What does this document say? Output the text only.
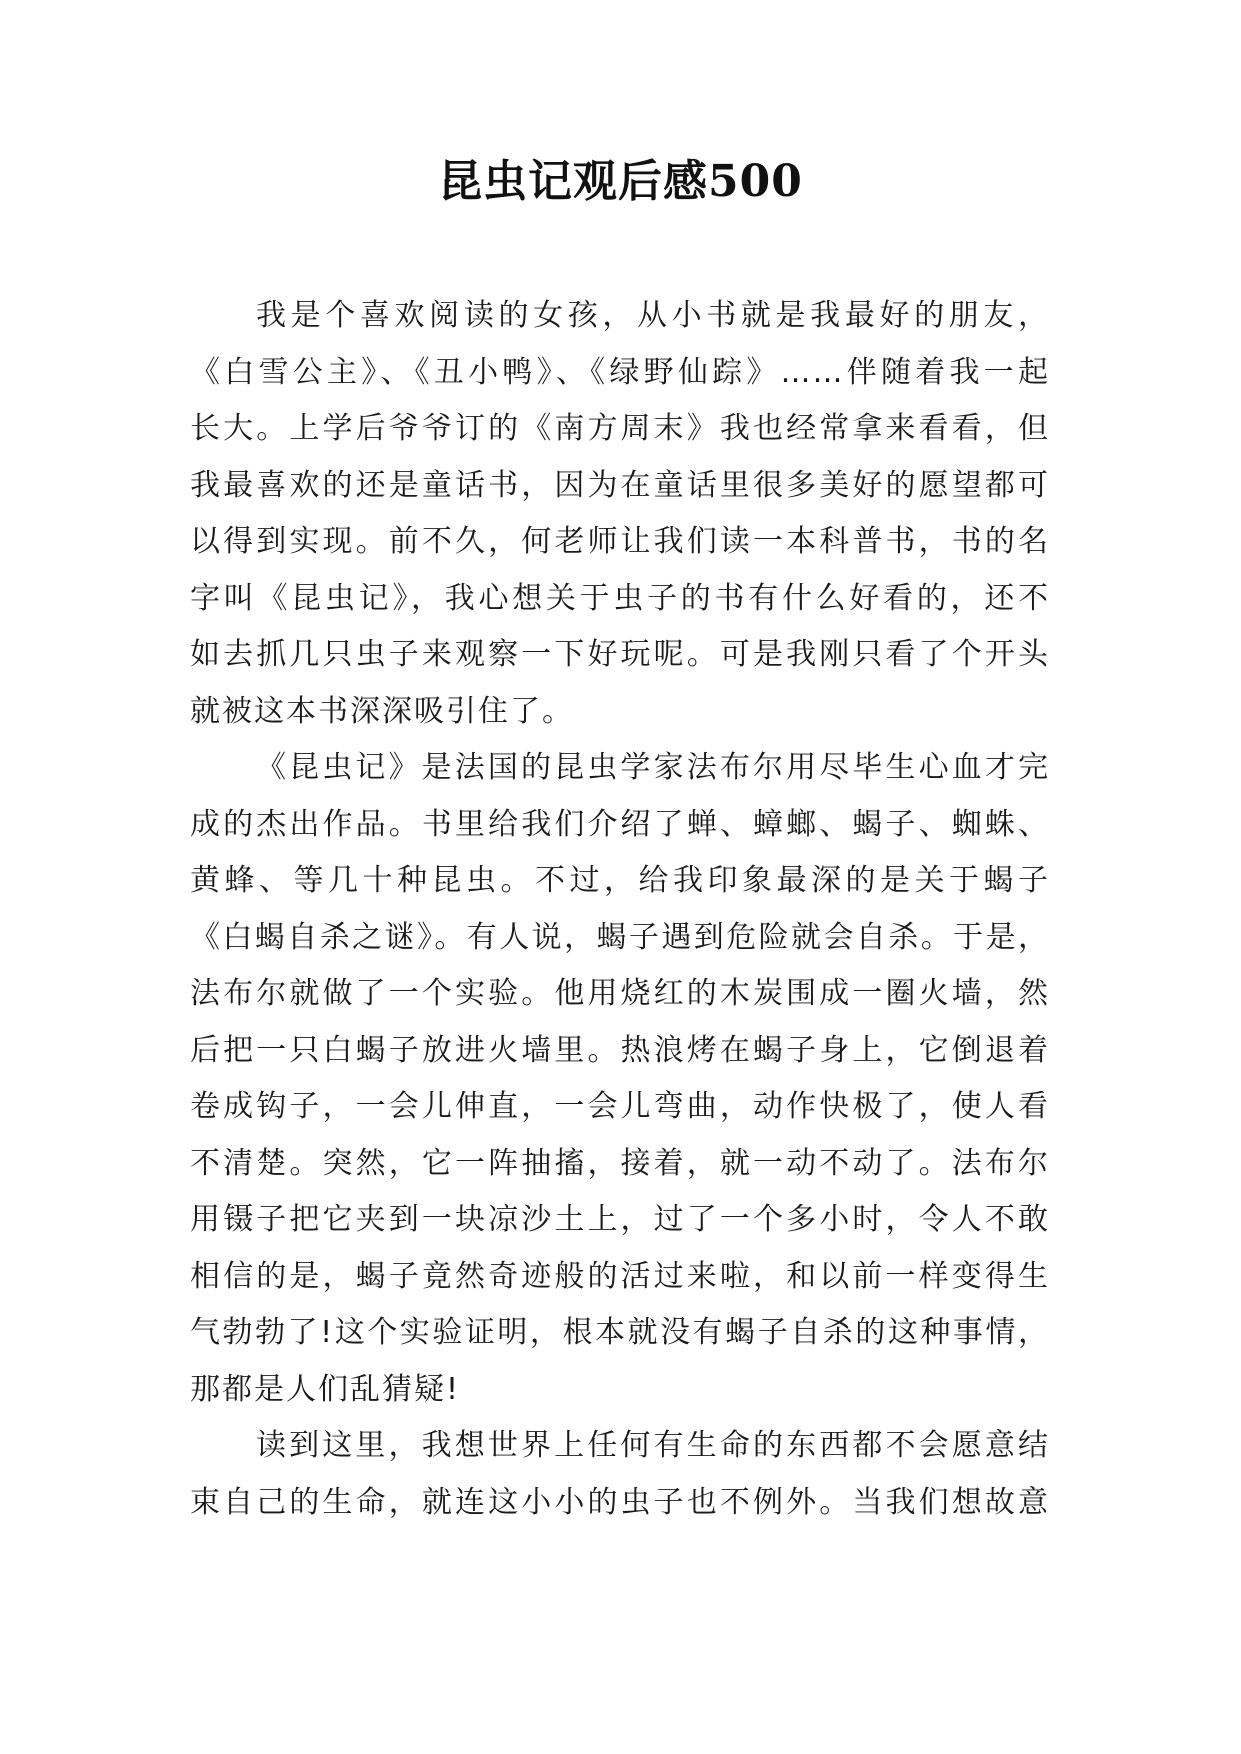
昆虫记观后感500

我是个喜欢阅读的女孩，从小书就是我最好的朋友，
《白雪公主》、《丑小鸭》、《绿野仙踪》……伴随着我一起
长大。上学后爷爷订的《南方周末》我也经常拿来看看，但
我最喜欢的还是童话书，因为在童话里很多美好的愿望都可
以得到实现。前不久，何老师让我们读一本科普书，书的名
字叫《昆虫记》，我心想关于虫子的书有什么好看的，还不
如去抓几只虫子来观察一下好玩呢。可是我刚只看了个开头
就被这本书深深吸引住了。

《昆虫记》是法国的昆虫学家法布尔用尽毕生心血才完
成的杰出作品。书里给我们介绍了蝉、蟑螂、蝎子、蜘蛛、
黄蜂、等几十种昆虫。不过，给我印象最深的是关于蝎子
《白蝎自杀之谜》。有人说，蝎子遇到危险就会自杀。于是，
法布尔就做了一个实验。他用烧红的木炭围成一圈火墙，然
后把一只白蝎子放进火墙里。热浪烤在蝎子身上，它倒退着
卷成钩子，一会儿伸直，一会儿弯曲，动作快极了，使人看
不清楚。突然，它一阵抽搐，接着，就一动不动了。法布尔
用镊子把它夹到一块凉沙土上，过了一个多小时，令人不敢
相信的是，蝎子竟然奇迹般的活过来啦，和以前一样变得生
气勃勃了!这个实验证明，根本就没有蝎子自杀的这种事情，
那都是人们乱猜疑!

读到这里，我想世界上任何有生命的东西都不会愿意结
束自己的生命，就连这小小的虫子也不例外。当我们想故意
